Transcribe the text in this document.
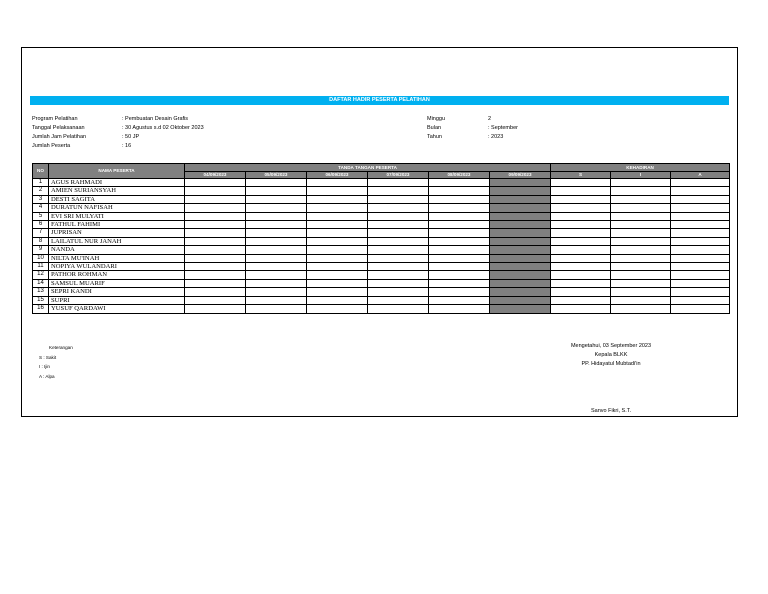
DAFTAR HADIR PESERTA PELATIHAN
Program Pelatihan	: Pembuatan Desain Grafis
Tanggal Pelaksanaan	: 30 Agustus s.d 02 Oktober 2023
Jumlah Jam Pelatihan	: 50 JP
Jumlah Peserta	: 16
Minggu	2
Bulan	: September
Tahun	: 2023
NO	NAMA PESERTA	TANDA TANGAN PESERTA						KEHADIRAN		
		04/09/2023	05/09/2023	06/09/2023	07/09/2023	08/09/2023	09/09/2023	S	I	A
1	AGUS RAHMADI									
2	AMIEN SURIANSYAH									
3	DESTI SAGITA									
4	DURATUN NAFISAH									
5	EVI SRI MULYATI									
6	FATHUL FAHIMI									
7	JUPRISAN									
8	LAILATUL NUR JANAH									
9	NANDA									
10	NILTA MU'INAH									
11	NOPIYA WULANDARI									
12	PATHOR ROHMAN									
14	SAMSUL MUARIF									
13	SEPRI KANDI									
15	SUPRI									
16	YUSUF QARDAWI									
Keterangan
S : Sakit
I : Ijin
A : Alpa
Mengetahui, 03 September 2023
Kepala BLKK
PP. Hidayatul Mubtadi'in
Sanvo Fikri, S.T.
